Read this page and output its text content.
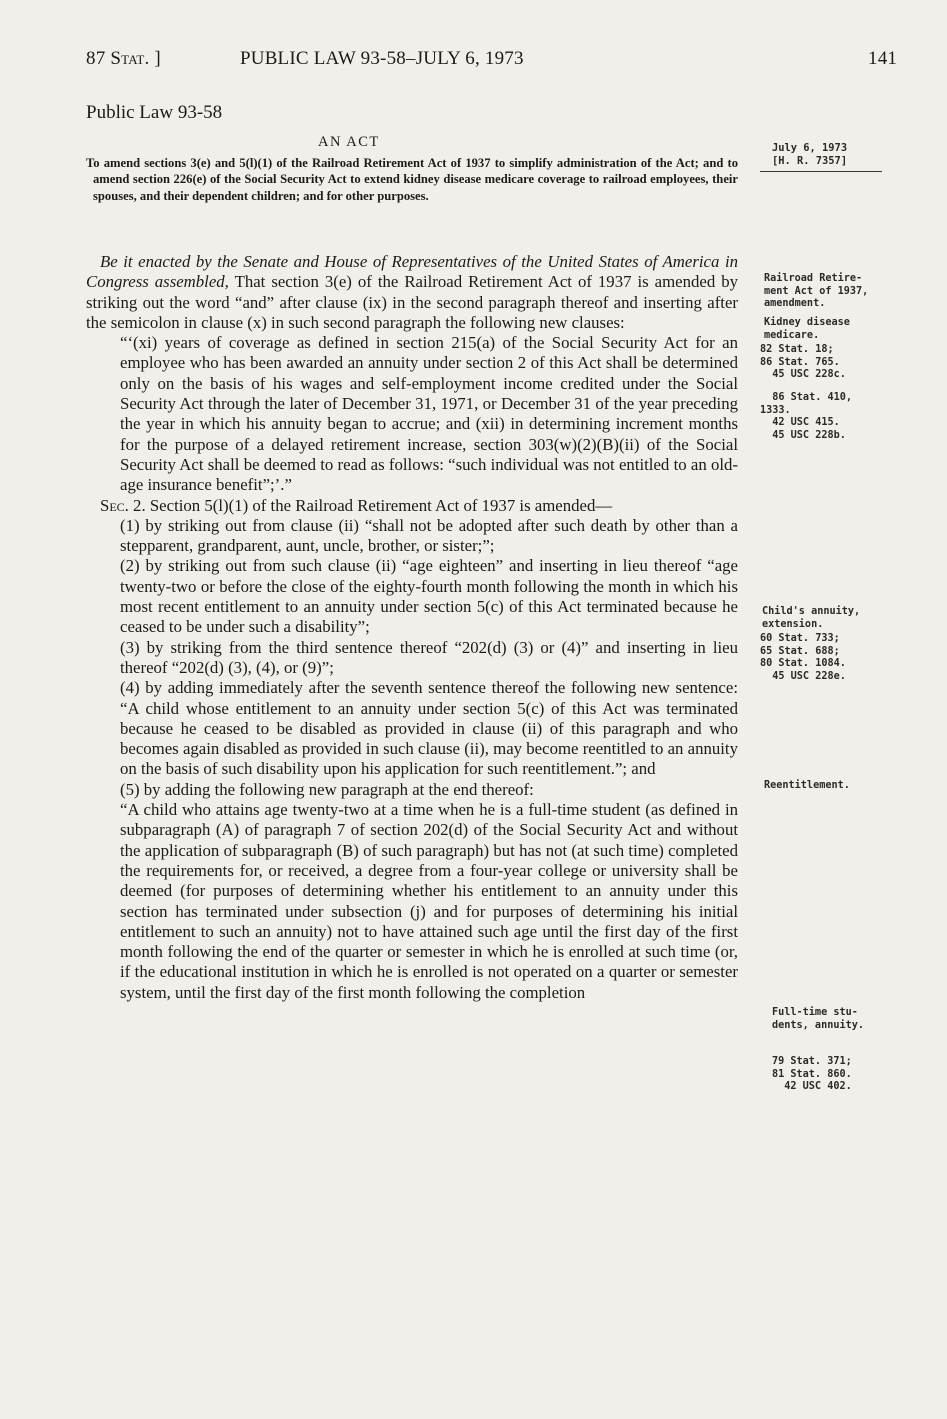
87 Stat. ]	PUBLIC LAW 93-58–JULY 6, 1973	141
Public Law 93-58
AN ACT
To amend sections 3(e) and 5(l)(1) of the Railroad Retirement Act of 1937 to simplify administration of the Act; and to amend section 226(e) of the Social Security Act to extend kidney disease medicare coverage to railroad employees, their spouses, and their dependent children; and for other purposes.

Be it enacted by the Senate and House of Representatives of the United States of America in Congress assembled, That section 3(e) of the Railroad Retirement Act of 1937 is amended by striking out the word “and” after clause (ix) in the second paragraph thereof and inserting after the semicolon in clause (x) in such second paragraph the following new clauses:

“‘(xi) years of coverage as defined in section 215(a) of the Social Security Act for an employee who has been awarded an annuity under section 2 of this Act shall be determined only on the basis of his wages and self-employment income credited under the Social Security Act through the later of December 31, 1971, or December 31 of the year preceding the year in which his annuity began to accrue; and (xii) in determining increment months for the purpose of a delayed retirement increase, section 303(w)(2)(B)(ii) of the Social Security Act shall be deemed to read as follows: “such individual was not entitled to an old-age insurance benefit”;’.”

Sec. 2. Section 5(l)(1) of the Railroad Retirement Act of 1937 is amended—

(1) by striking out from clause (ii) “shall not be adopted after such death by other than a stepparent, grandparent, aunt, uncle, brother, or sister;”;

(2) by striking out from such clause (ii) “age eighteen” and inserting in lieu thereof “age twenty-two or before the close of the eighty-fourth month following the month in which his most recent entitlement to an annuity under section 5(c) of this Act terminated because he ceased to be under such a disability”;

(3) by striking from the third sentence thereof “202(d) (3) or (4)” and inserting in lieu thereof “202(d) (3), (4), or (9)”;

(4) by adding immediately after the seventh sentence thereof the following new sentence: “A child whose entitlement to an annuity under section 5(c) of this Act was terminated because he ceased to be disabled as provided in clause (ii) of this paragraph and who becomes again disabled as provided in such clause (ii), may become reentitled to an annuity on the basis of such disability upon his application for such reentitlement.”; and

(5) by adding the following new paragraph at the end thereof:

“A child who attains age twenty-two at a time when he is a full-time student (as defined in subparagraph (A) of paragraph 7 of section 202(d) of the Social Security Act and without the application of subparagraph (B) of such paragraph) but has not (at such time) completed the requirements for, or received, a degree from a four-year college or university shall be deemed (for purposes of determining whether his entitlement to an annuity under this section has terminated under subsection (j) and for purposes of determining his initial entitlement to such an annuity) not to have attained such age until the first day of the first month following the end of the quarter or semester in which he is enrolled at such time (or, if the educational institution in which he is enrolled is not operated on a quarter or semester system, until the first day of the first month following the completion

July 6, 1973
[H. R. 7357]
Railroad Retire-
ment Act of 1937,
amendment.
Kidney disease
medicare.
82 Stat. 18;
86 Stat. 765.
45 USC 228c.
86 Stat. 410,
1333.
42 USC 415.
45 USC 228b.
Child's annuity,
extension.
60 Stat. 733;
65 Stat. 688;
80 Stat. 1084.
45 USC 228e.
Reentitlement.
Full-time stu-
dents, annuity.
79 Stat. 371;
81 Stat. 860.
42 USC 402.
